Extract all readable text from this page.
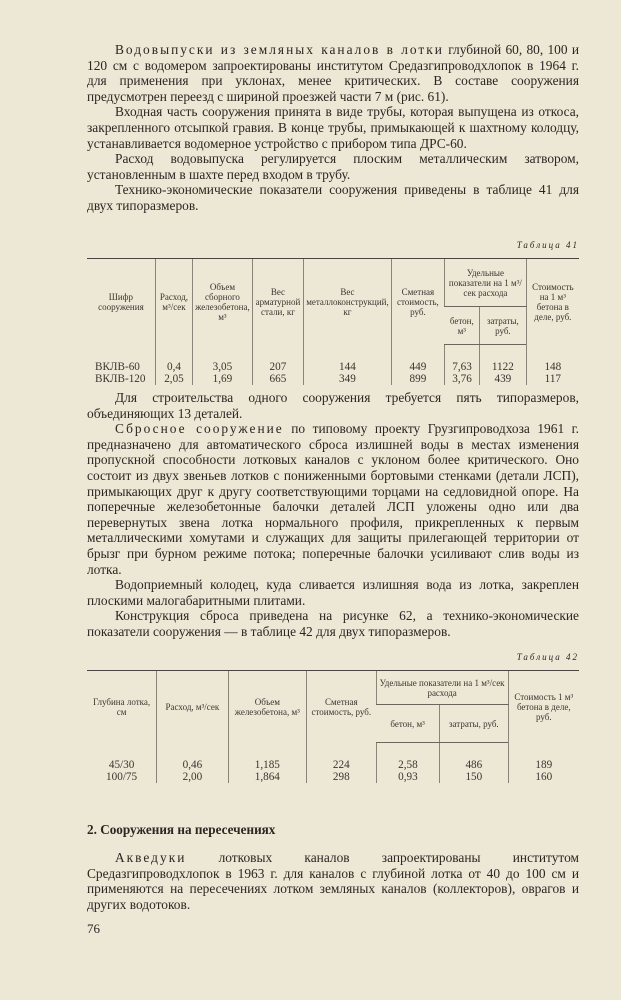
Водовыпуски из земляных каналов в лотки глубиной 60, 80, 100 и 120 см с водомером запроектированы институтом Средазгипроводхлопок в 1964 г. для применения при уклонах, менее критических. В составе сооружения предусмотрен переезд с шириной проезжей части 7 м (рис. 61).

Входная часть сооружения принята в виде трубы, которая выпущена из откоса, закрепленного отсыпкой гравия. В конце трубы, примыкающей к шахтному колодцу, устанавливается водомерное устройство с прибором типа ДРС-60.

Расход водовыпуска регулируется плоским металлическим затвором, установленным в шахте перед входом в трубу.

Технико-экономические показатели сооружения приведены в таблице 41 для двух типоразмеров.

Таблица 41
Шифр сооружения	Расход, м³/сек	Объем сборного железобетона, м³	Вес арматурной стали, кг	Вес металлоконструкций, кг	Сметная стоимость, руб.	Удельные показатели на 1 м³/сек расхода		Стоимость на 1 м³ бетона в деле, руб.
						бетон, м³	затраты, руб.	
ВКЛВ-60	0,4	3,05	207	144	449	7,63	1122	148
ВКЛВ-120	2,05	1,69	665	349	899	3,76	439	117

Для строительства одного сооружения требуется пять типоразмеров, объединяющих 13 деталей.

Сбросное сооружение по типовому проекту Грузгипроводхоза 1961 г. предназначено для автоматического сброса излишней воды в местах изменения пропускной способности лотковых каналов с уклоном более критического. Оно состоит из двух звеньев лотков с пониженными бортовыми стенками (детали ЛСП), примыкающих друг к другу соответствующими торцами на седловидной опоре. На поперечные железобетонные балочки деталей ЛСП уложены одно или два перевернутых звена лотка нормального профиля, прикрепленных к первым металлическими хомутами и служащих для защиты прилегающей территории от брызг при бурном режиме потока; поперечные балочки усиливают слив воды из лотка.

Водоприемный колодец, куда сливается излишняя вода из лотка, закреплен плоскими малогабаритными плитами.

Конструкция сброса приведена на рисунке 62, а технико-экономические показатели сооружения — в таблице 42 для двух типоразмеров.

Таблица 42
Глубина лотка, см	Расход, м³/сек	Объем железобетона, м³	Сметная стоимость, руб.	Удельные показатели на 1 м³/сек расхода		Стоимость 1 м³ бетона в деле, руб.
				бетон, м³	затраты, руб.	
45/30	0,46	1,185	224	2,58	486	189
100/75	2,00	1,864	298	0,93	150	160
2. Сооружения на пересечениях

Акведуки лотковых каналов запроектированы институтом Средазгипроводхлопок в 1963 г. для каналов с глубиной лотка от 40 до 100 см и применяются на пересечениях лотком земляных каналов (коллекторов), оврагов и других водотоков.

76
